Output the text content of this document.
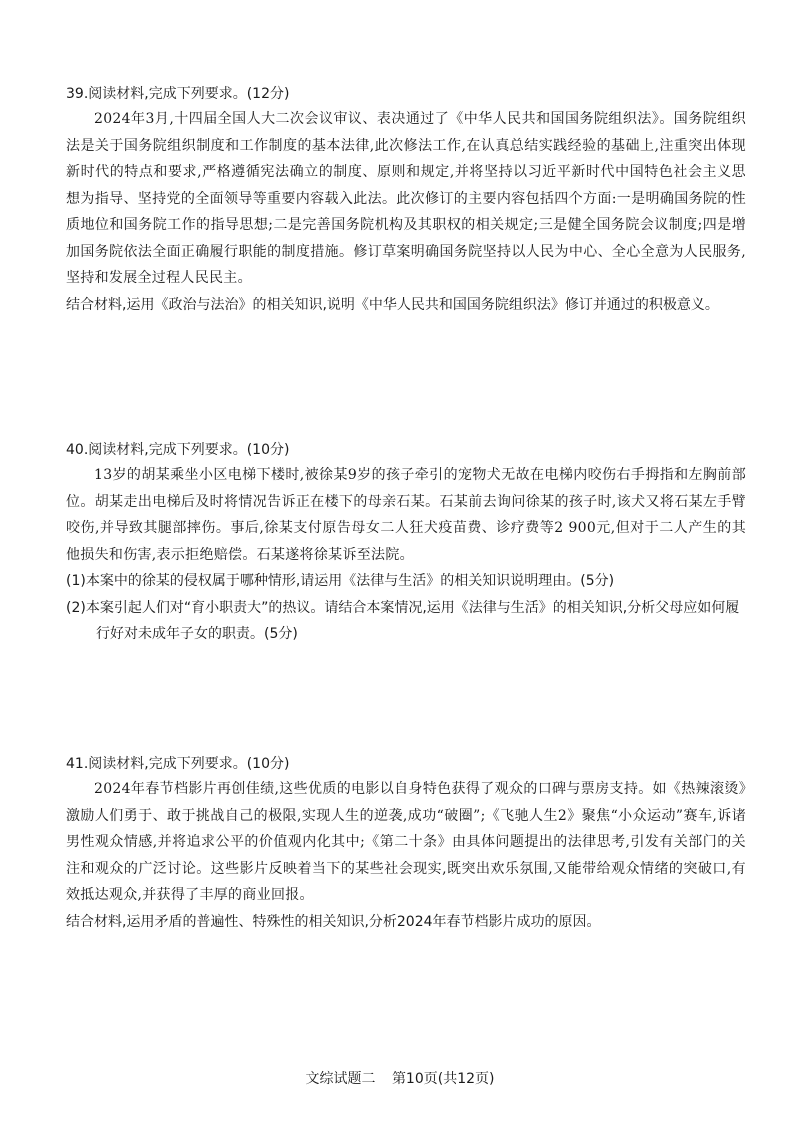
39.阅读材料,完成下列要求。(12分)

2024年3月,十四届全国人大二次会议审议、表决通过了《中华人民共和国国务院组织法》。国务院组织法是关于国务院组织制度和工作制度的基本法律,此次修法工作,在认真总结实践经验的基础上,注重突出体现新时代的特点和要求,严格遵循宪法确立的制度、原则和规定,并将坚持以习近平新时代中国特色社会主义思想为指导、坚持党的全面领导等重要内容载入此法。此次修订的主要内容包括四个方面:一是明确国务院的性质地位和国务院工作的指导思想;二是完善国务院机构及其职权的相关规定;三是健全国务院会议制度;四是增加国务院依法全面正确履行职能的制度措施。修订草案明确国务院坚持以人民为中心、全心全意为人民服务,坚持和发展全过程人民民主。

结合材料,运用《政治与法治》的相关知识,说明《中华人民共和国国务院组织法》修订并通过的积极意义。

40.阅读材料,完成下列要求。(10分)

13岁的胡某乘坐小区电梯下楼时,被徐某9岁的孩子牵引的宠物犬无故在电梯内咬伤右手拇指和左胸前部位。胡某走出电梯后及时将情况告诉正在楼下的母亲石某。石某前去询问徐某的孩子时,该犬又将石某左手臂咬伤,并导致其腿部摔伤。事后,徐某支付原告母女二人狂犬疫苗费、诊疗费等2 900元,但对于二人产生的其他损失和伤害,表示拒绝赔偿。石某遂将徐某诉至法院。

(1)本案中的徐某的侵权属于哪种情形,请运用《法律与生活》的相关知识说明理由。(5分)

(2)本案引起人们对“育小职责大”的热议。请结合本案情况,运用《法律与生活》的相关知识,分析父母应如何履行好对未成年子女的职责。(5分)

41.阅读材料,完成下列要求。(10分)

2024年春节档影片再创佳绩,这些优质的电影以自身特色获得了观众的口碑与票房支持。如《热辣滚烫》激励人们勇于、敢于挑战自己的极限,实现人生的逆袭,成功“破圈”;《飞驰人生2》聚焦“小众运动”赛车,诉诸男性观众情感,并将追求公平的价值观内化其中;《第二十条》由具体问题提出的法律思考,引发有关部门的关注和观众的广泛讨论。这些影片反映着当下的某些社会现实,既突出欢乐氛围,又能带给观众情绪的突破口,有效抵达观众,并获得了丰厚的商业回报。

结合材料,运用矛盾的普遍性、特殊性的相关知识,分析2024年春节档影片成功的原因。

文综试题二 第10页(共12页)
